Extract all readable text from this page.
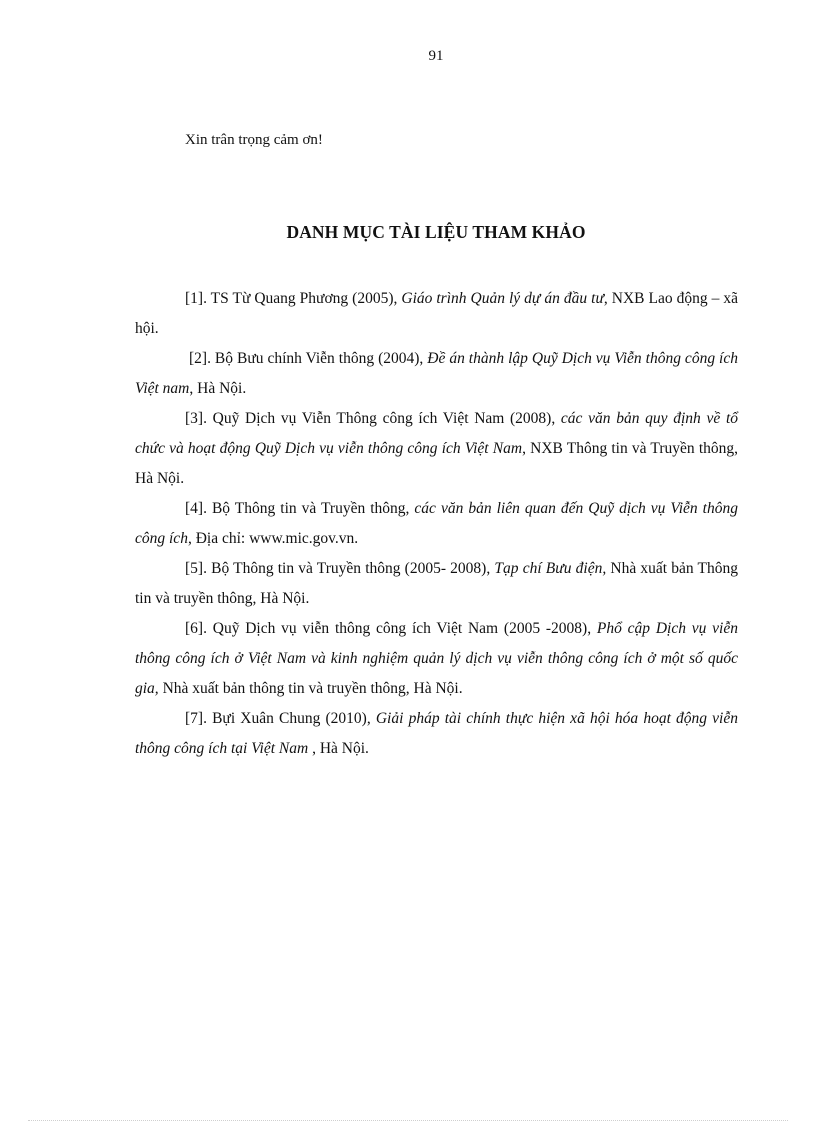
91
Xin trân trọng cảm ơn!
DANH MỤC TÀI LIỆU THAM KHẢO

[1]. TS Từ Quang Phương (2005), Giáo trình Quản lý dự án đầu tư, NXB Lao động – xã hội.

[2]. Bộ Bưu chính Viễn thông (2004), Đề án thành lập Quỹ Dịch vụ Viễn thông công ích Việt nam, Hà Nội.

[3]. Quỹ Dịch vụ Viễn Thông công ích Việt Nam (2008), các văn bản quy định về tổ chức và hoạt động Quỹ Dịch vụ viễn thông công ích Việt Nam, NXB Thông tin và Truyền thông, Hà Nội.

[4]. Bộ Thông tin và Truyền thông, các văn bản liên quan đến Quỹ dịch vụ Viễn thông công ích, Địa chỉ: www.mic.gov.vn.

[5]. Bộ Thông tin và Truyền thông (2005- 2008), Tạp chí Bưu điện, Nhà xuất bản Thông tin và truyền thông, Hà Nội.

[6]. Quỹ Dịch vụ viễn thông công ích Việt Nam (2005 -2008), Phổ cập Dịch vụ viễn thông công ích ở Việt Nam và kinh nghiệm quản lý dịch vụ viễn thông công ích ở một số quốc gia, Nhà xuất bản thông tin và truyền thông, Hà Nội.

[7]. Bựi Xuân Chung (2010), Giải pháp tài chính thực hiện xã hội hóa hoạt động viễn thông công ích tại Việt Nam , Hà Nội.
